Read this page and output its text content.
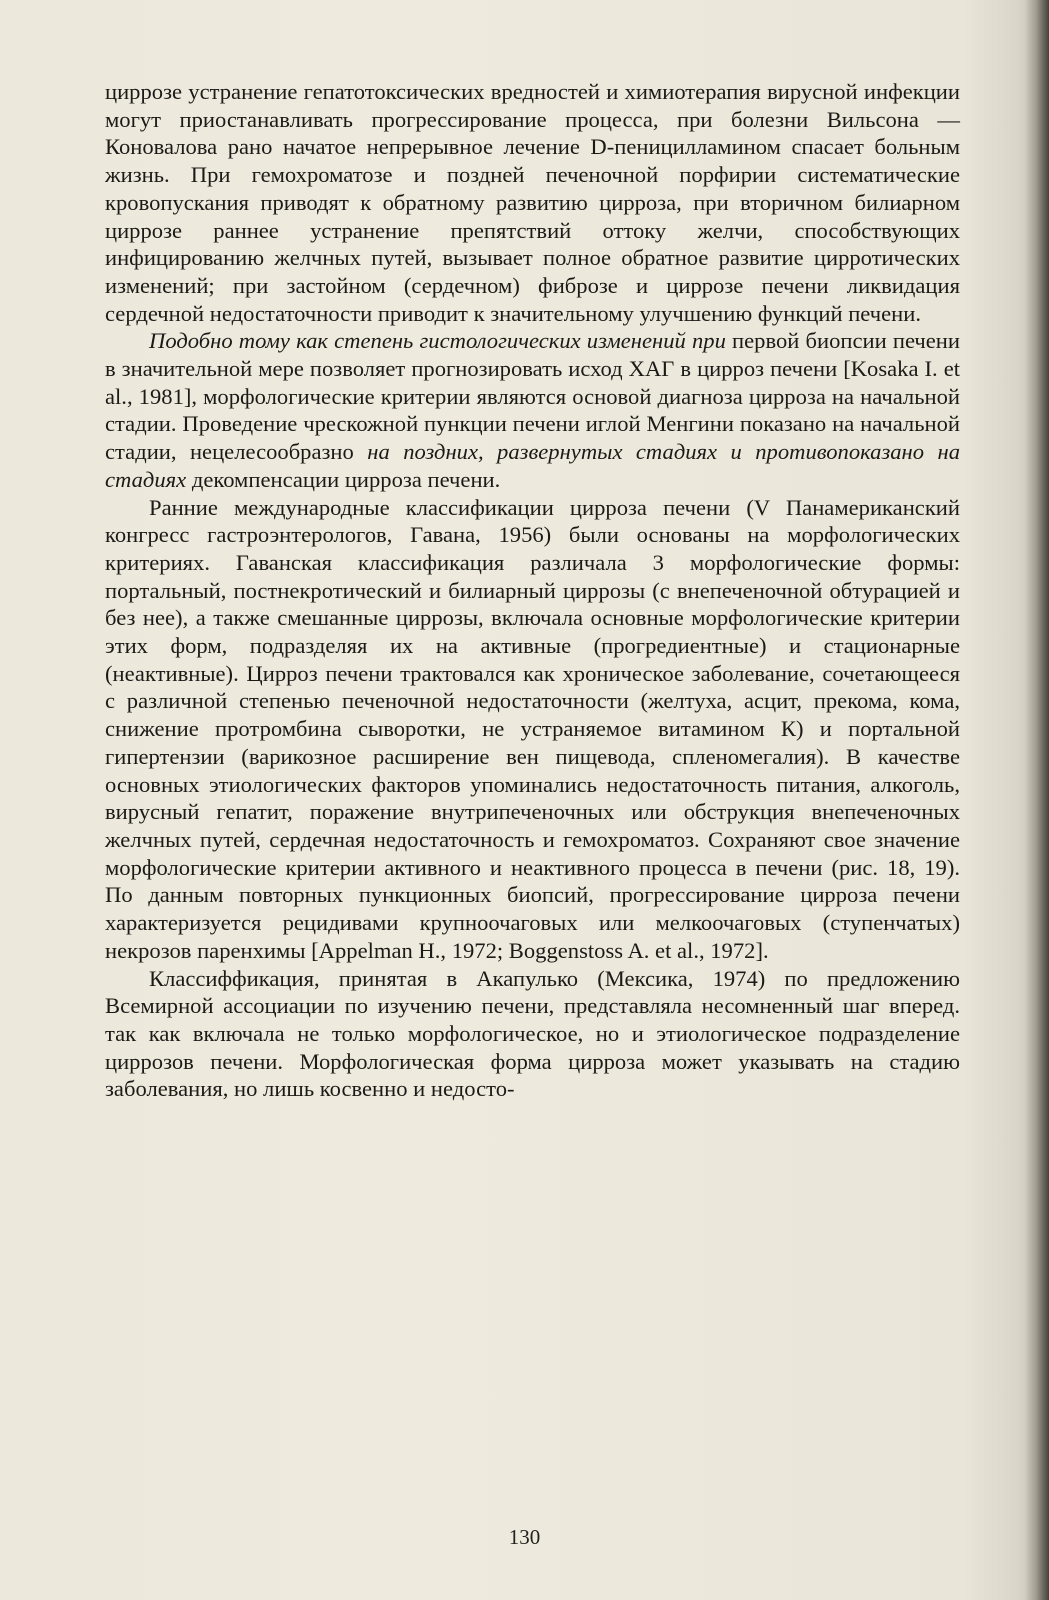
циррозе устранение гепатотоксических вредностей и химиотерапия вирусной инфекции могут приостанавливать прогрессирование процесса, при болезни Вильсона — Коновалова рано начатое непрерывное лечение D-пеницилламином спасает больным жизнь. При гемохроматозе и поздней печеночной порфирии систематические кровопускания приводят к обратному развитию цирроза, при вторичном билиарном циррозе раннее устранение препятствий оттоку желчи, способствующих инфицированию желчных путей, вызывает полное обратное развитие цирротических изменений; при застойном (сердечном) фиброзе и циррозе печени ликвидация сердечной недостаточности приводит к значительному улучшению функций печени.

Подобно тому как степень гистологических изменений при первой биопсии печени в значительной мере позволяет прогнозировать исход ХАГ в цирроз печени [Kosaka I. et al., 1981], морфологические критерии являются основой диагноза цирроза на начальной стадии. Проведение чрескожной пункции печени иглой Менгини показано на начальной стадии, нецелесообразно на поздних, развернутых стадиях и противопоказано на стадиях декомпенсации цирроза печени.

Ранние международные классификации цирроза печени (V Панамериканский конгресс гастроэнтерологов, Гавана, 1956) были основаны на морфологических критериях. Гаванская классификация различала 3 морфологические формы: портальный, постнекротический и билиарный циррозы (с внепеченочной обтурацией и без нее), а также смешанные циррозы, включала основные морфологические критерии этих форм, подразделяя их на активные (прогредиентные) и стационарные (неактивные). Цирроз печени трактовался как хроническое заболевание, сочетающееся с различной степенью печеночной недостаточности (желтуха, асцит, прекома, кома, снижение протромбина сыворотки, не устраняемое витамином К) и портальной гипертензии (варикозное расширение вен пищевода, спленомегалия). В качестве основных этиологических факторов упоминались недостаточность питания, алкоголь, вирусный гепатит, поражение внутрипеченочных или обструкция внепеченочных желчных путей, сердечная недостаточность и гемохроматоз. Сохраняют свое значение морфологические критерии активного и неактивного процесса в печени (рис. 18, 19). По данным повторных пункционных биопсий, прогрессирование цирроза печени характеризуется рецидивами крупноочаговых или мелкоочаговых (ступенчатых) некрозов паренхимы [Appelman H., 1972; Boggenstoss A. et al., 1972].

Классиффикация, принятая в Акапулько (Мексика, 1974) по предложению Всемирной ассоциации по изучению печени, представляла несомненный шаг вперед. так как включала не только морфологическое, но и этиологическое подразделение циррозов печени. Морфологическая форма цирроза может указывать на стадию заболевания, но лишь косвенно и недосто-

130
